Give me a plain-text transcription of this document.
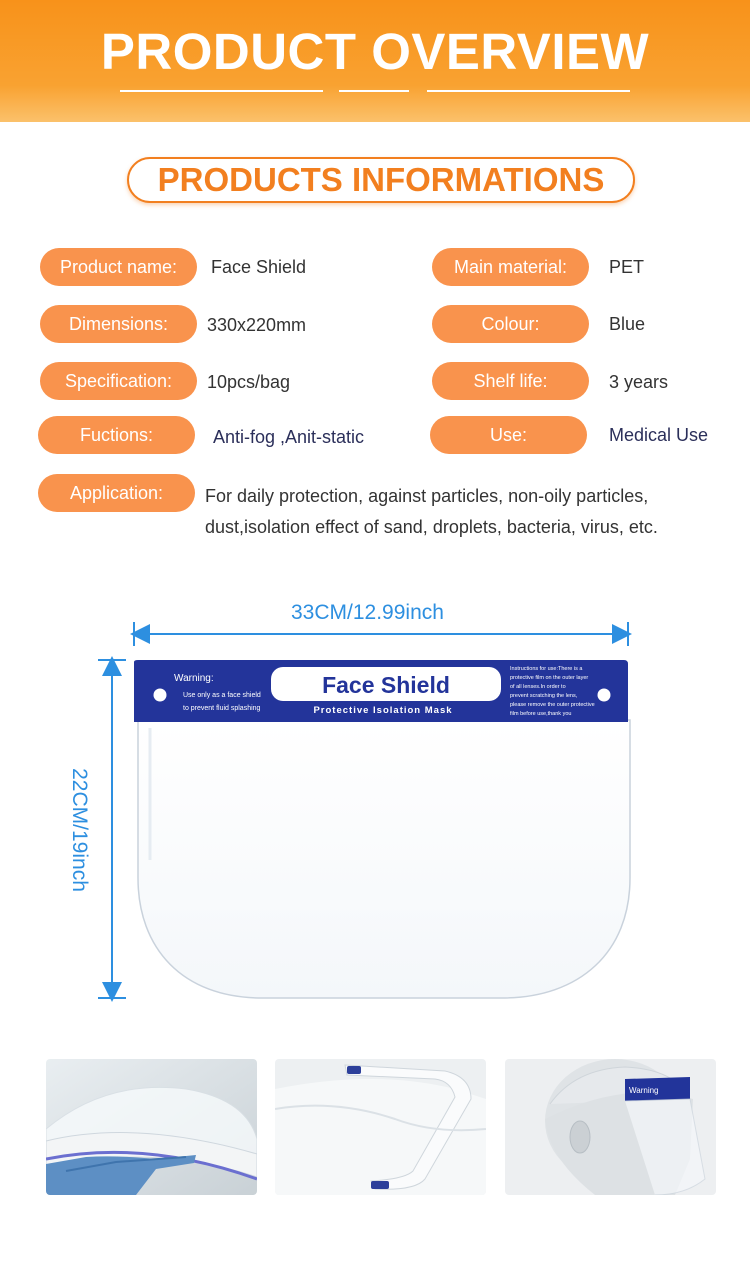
PRODUCT OVERVIEW
PRODUCTS INFORMATIONS
Product name:	Face Shield	Main material:	PET
Dimensions:	330x220mm	Colour:	Blue
Specification:	10pcs/bag	Shelf life:	3 years
Fuctions:	Anti-fog ,Anit-static	Use:	Medical Use
Application:	For daily protection, against particles, non-oily particles,
dust,isolation effect of sand, droplets, bacteria, virus, etc.
33CM/12.99inch
22CM/19inch
Warning:
Use only as a face shield
to prevent fluid splashing
Face Shield
Protective Isolation Mask
Instructions for use:There is a
protective film on the outer layer
of all lenses.In order to
prevent scratching the lens,
please remove the outer protective
film before use,thank you
Warning
